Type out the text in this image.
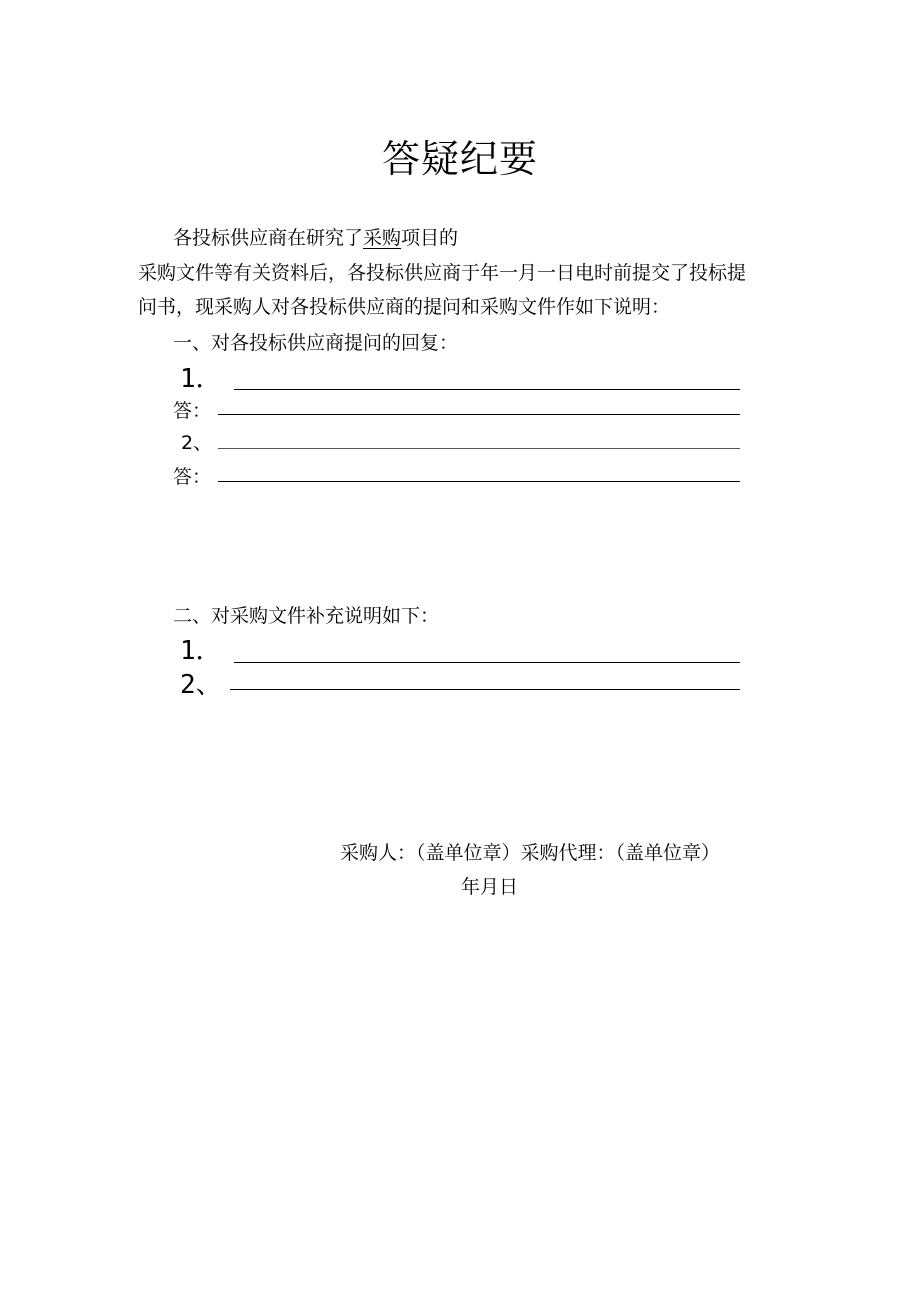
答疑纪要
各投标供应商在研究了采购项目的
采购文件等有关资料后，各投标供应商于年一月一日电时前提交了投标提
问书，现采购人对各投标供应商的提问和采购文件作如下说明：
一、对各投标供应商提问的回复：
1．
答：
2、
答：
二、对采购文件补充说明如下：
1．
2、
采购人：（盖单位章）采购代理：（盖单位章）
年月日
